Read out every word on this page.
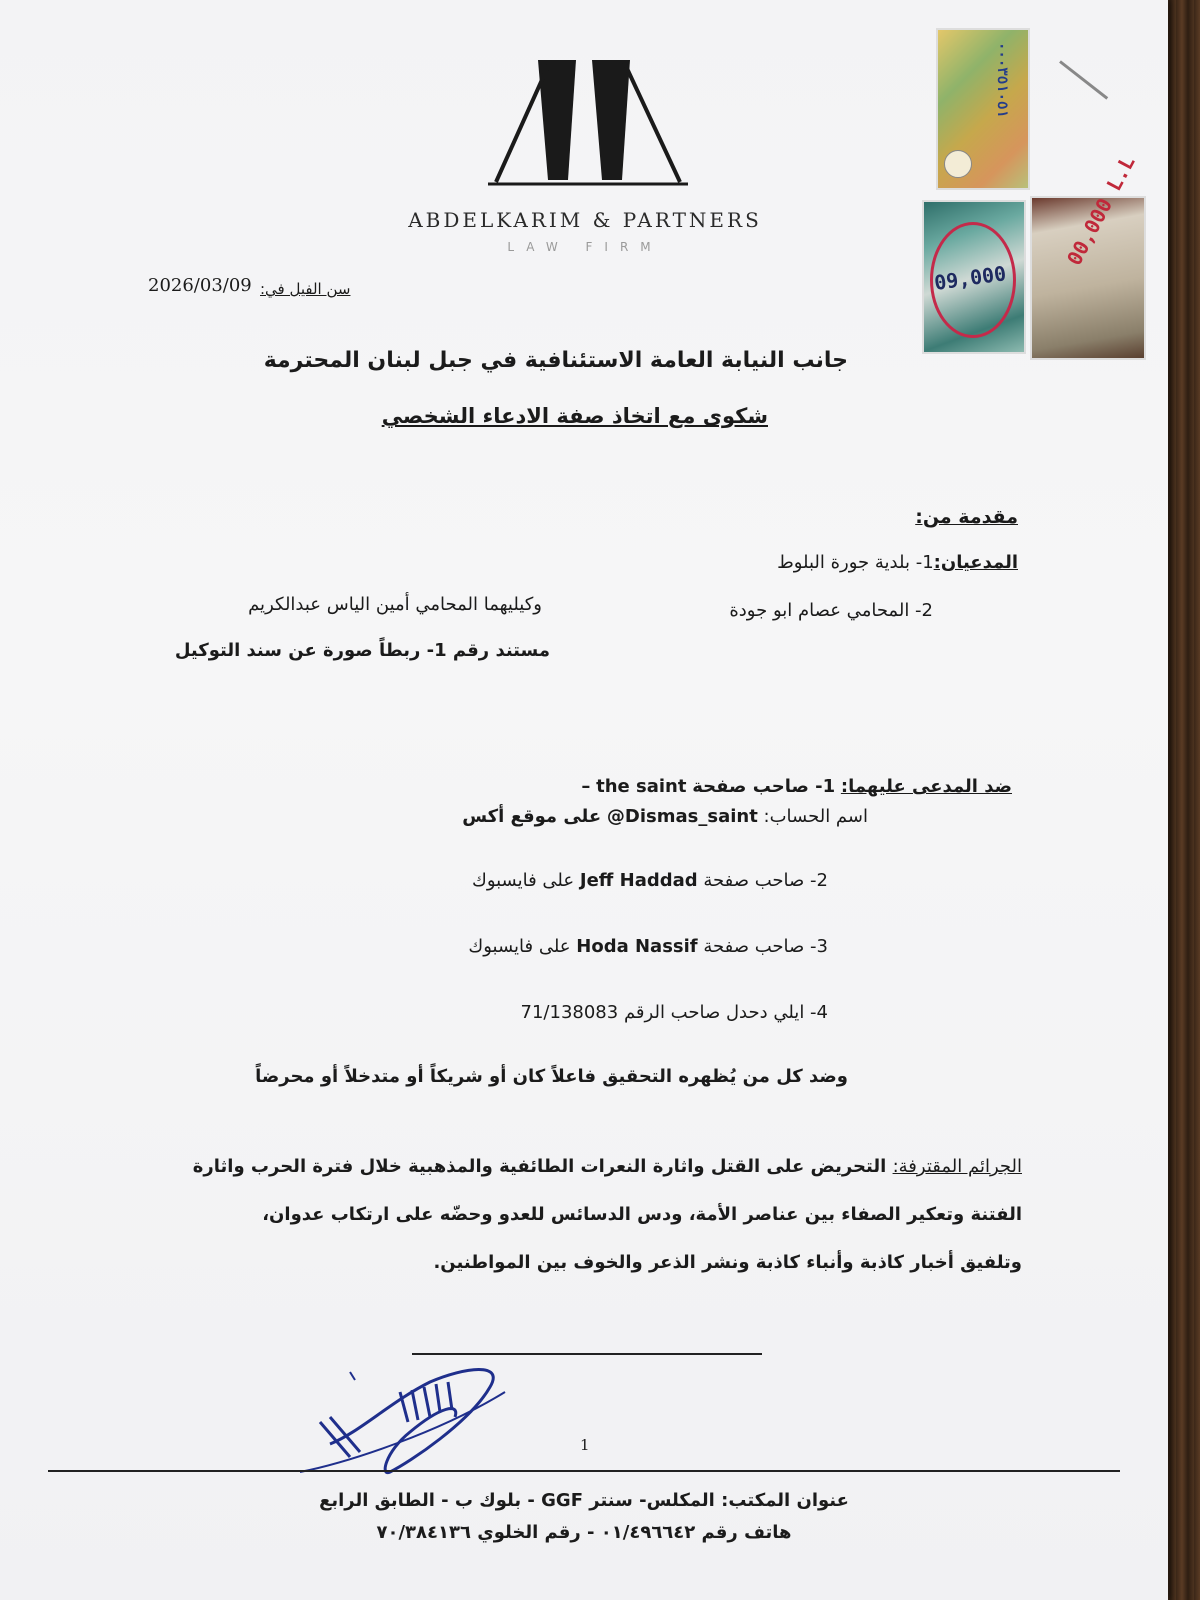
ABDELKARIM & PARTNERS
LAW FIRM
٠٠٠٣٥١٠٥١
09,000
00,000 L.L
2026/03/09 سن الفيل في:
جانب النيابة العامة الاستئنافية في جبل لبنان المحترمة
شكوى مع اتخاذ صفة الادعاء الشخصي
مقدمة من:
المدعيان:1- بلدية جورة البلوط
2- المحامي عصام ابو جودة
وكيليهما المحامي أمين الياس عبدالكريم
مستند رقم 1- ربطاً صورة عن سند التوكيل
ضد المدعى عليهما: 1- صاحب صفحة the saint –
اسم الحساب: @Dismas_saint على موقع أكس
2- صاحب صفحة Jeff Haddad على فايسبوك
3- صاحب صفحة Hoda Nassif على فايسبوك
4- ايلي دحدل صاحب الرقم 71/138083
وضد كل من يُظهره التحقيق فاعلاً كان أو شريكاً أو متدخلاً أو محرضاً
الجرائم المقترفة: التحريض على القتل واثارة النعرات الطائفية والمذهبية خلال فترة الحرب واثارة
الفتنة وتعكير الصفاء بين عناصر الأمة، ودس الدسائس للعدو وحضّه على ارتكاب عدوان،
وتلفيق أخبار كاذبة وأنباء كاذبة ونشر الذعر والخوف بين المواطنين.
1
عنوان المكتب: المكلس- سنتر GGF - بلوك ب - الطابق الرابع
هاتف رقم ٠١/٤٩٦٦٤٢ - رقم الخلوي ٧٠/٣٨٤١٣٦
